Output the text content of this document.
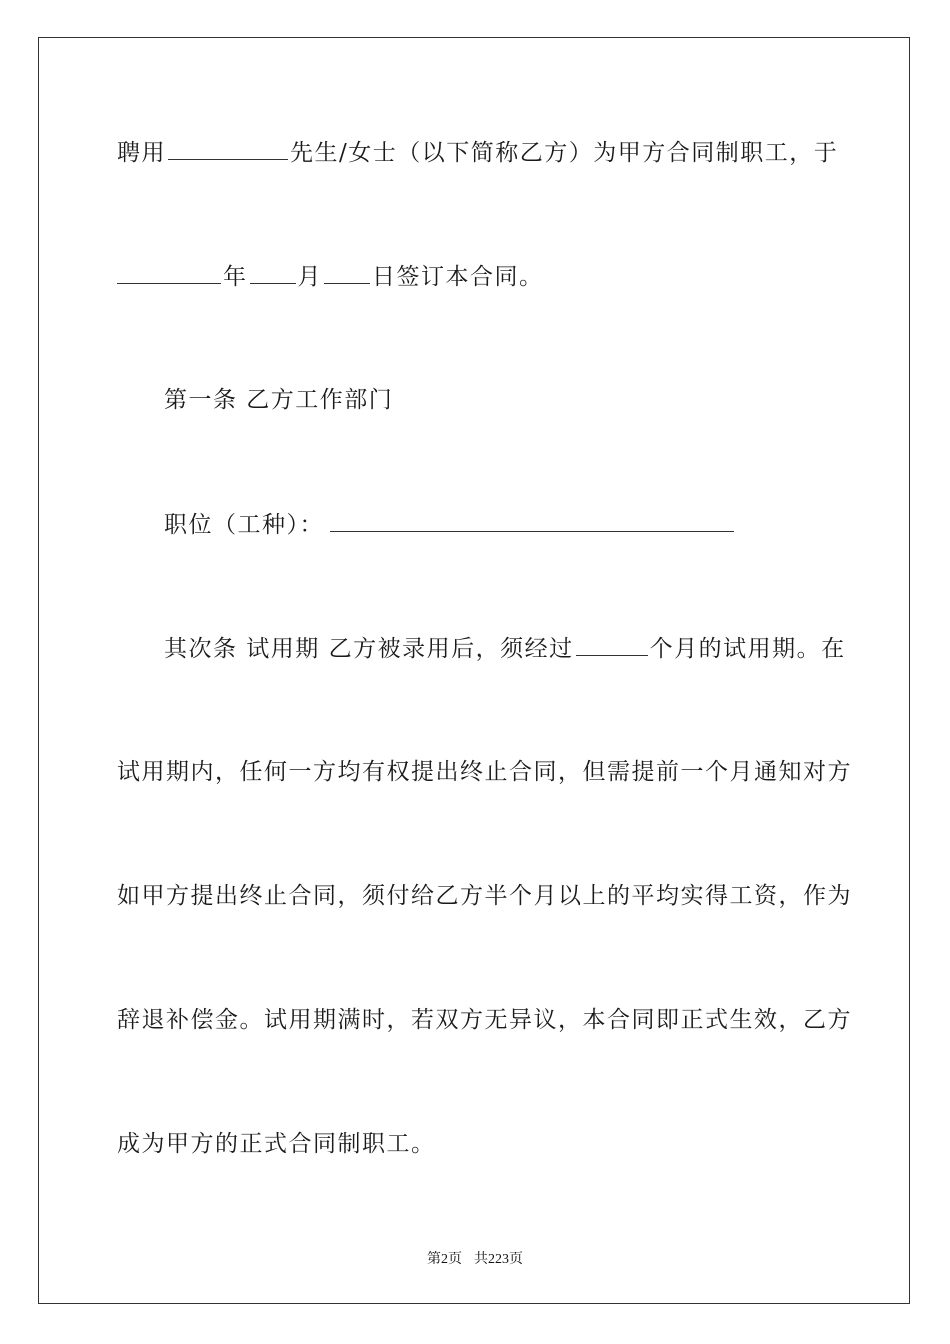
聘用	先生/女士（以下简称乙方）为甲方合同制职工，于
年 月 日签订本合同。
第一条 乙方工作部门
职位（工种）：
其次条 试用期 乙方被录用后，须经过	个月的试用期。在
试用期内，任何一方均有权提出终止合同，但需提前一个月通知对方
如甲方提出终止合同，须付给乙方半个月以上的平均实得工资，作为
辞退补偿金。试用期满时，若双方无异议，本合同即正式生效，乙方
成为甲方的正式合同制职工。
第2页 共223页
